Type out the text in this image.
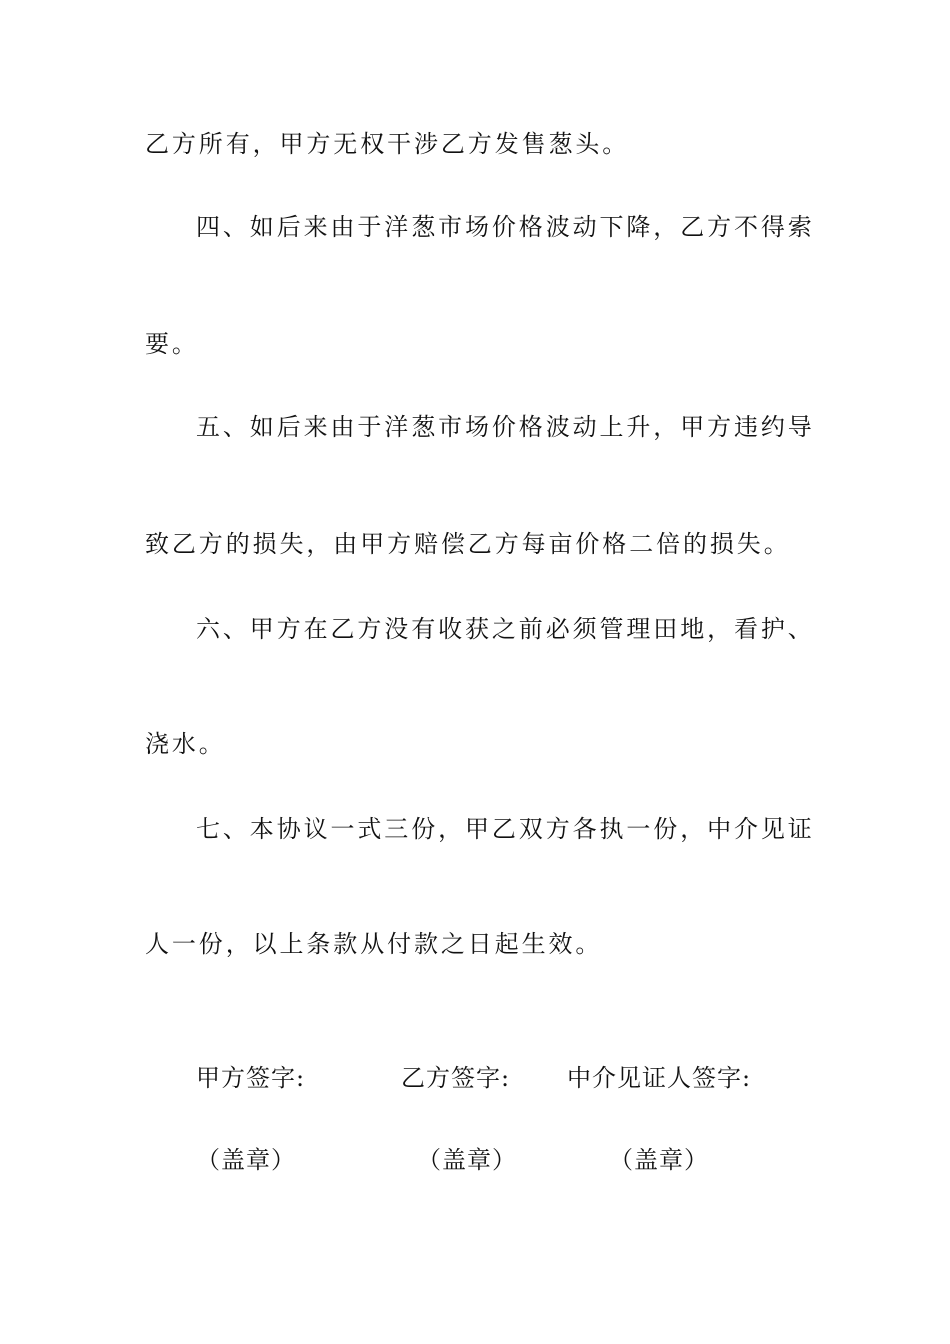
乙方所有，甲方无权干涉乙方发售葱头。
四、如后来由于洋葱市场价格波动下降，乙方不得索
要。
五、如后来由于洋葱市场价格波动上升，甲方违约导
致乙方的损失，由甲方赔偿乙方每亩价格二倍的损失。
六、甲方在乙方没有收获之前必须管理田地，看护、
浇水。
七、本协议一式三份，甲乙双方各执一份，中介见证
人一份，以上条款从付款之日起生效。
甲方签字:	乙方签字: 中介见证人签字:
（盖章）	（盖章）	（盖章）
